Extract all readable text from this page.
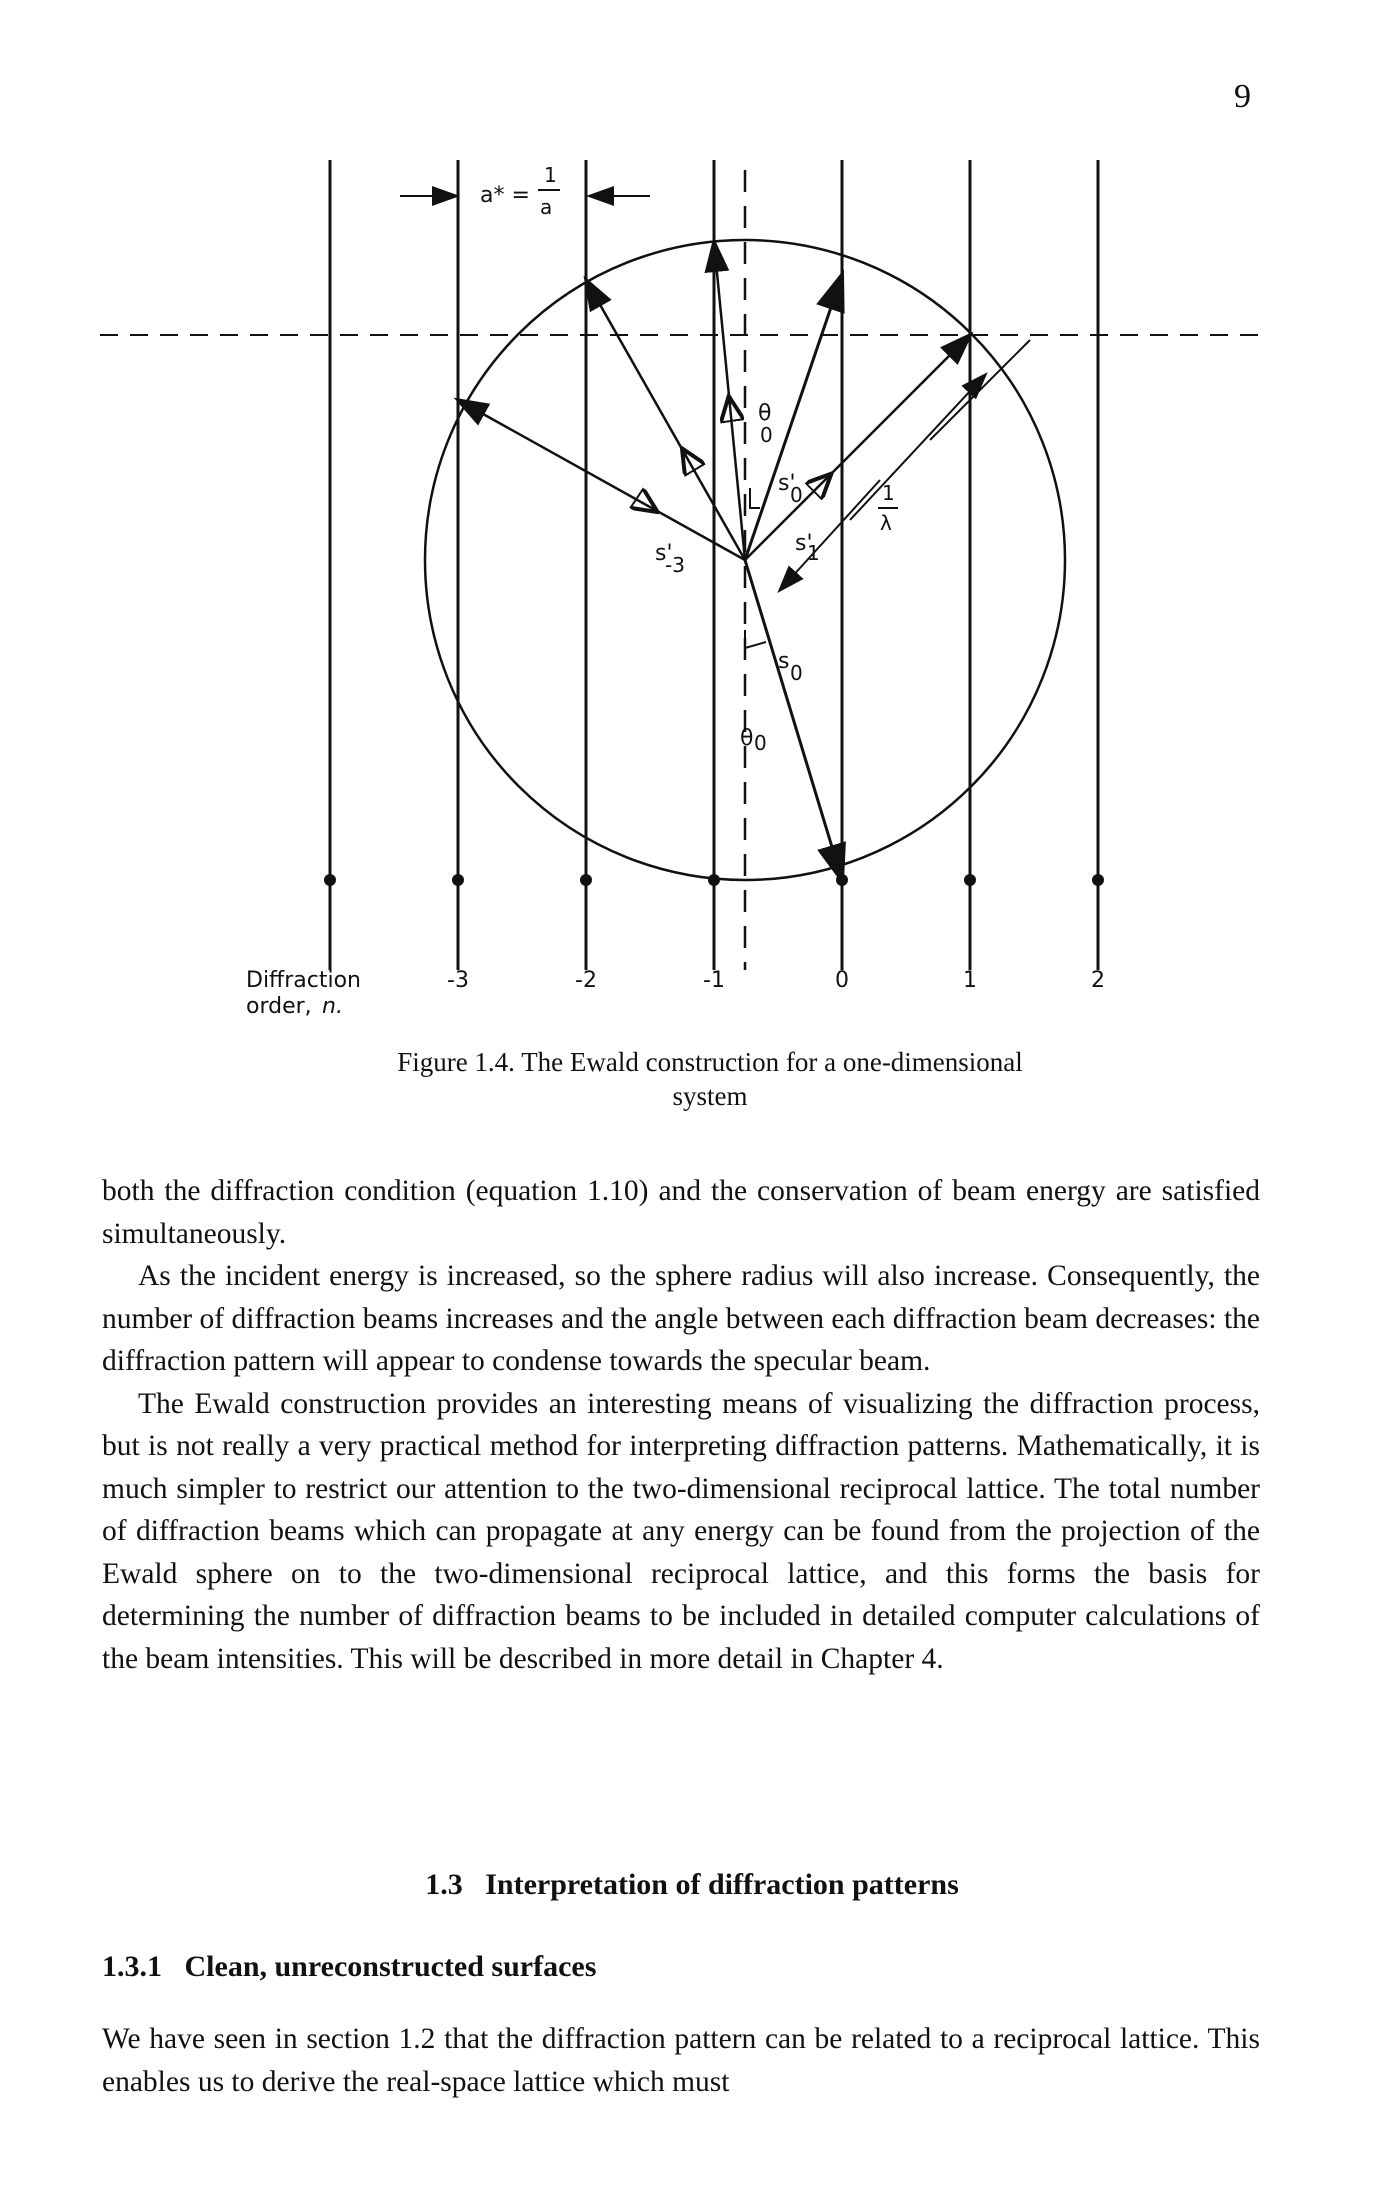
9
a* =
1
a
1
λ
θ
0
s'
0
s'
1
s'
-3
s 0
θ 0
Diffraction
order, n.
-3	-2	-1	0	1	2
Figure 1.4. The Ewald construction for a one-dimensional
system

both the diffraction condition (equation 1.10) and the conservation of beam energy are satisfied simultaneously.

As the incident energy is increased, so the sphere radius will also increase. Consequently, the number of diffraction beams increases and the angle between each diffraction beam decreases: the diffraction pattern will appear to condense towards the specular beam.

The Ewald construction provides an interesting means of visualizing the diffraction process, but is not really a very practical method for interpreting diffraction patterns. Mathematically, it is much simpler to restrict our attention to the two-dimensional reciprocal lattice. The total number of diffraction beams which can propagate at any energy can be found from the projection of the Ewald sphere on to the two-dimensional reciprocal lattice, and this forms the basis for determining the number of diffraction beams to be included in detailed computer calculations of the beam intensities. This will be described in more detail in Chapter 4.

1.3   Interpretation of diffraction patterns
1.3.1   Clean, unreconstructed surfaces

We have seen in section 1.2 that the diffraction pattern can be related to a reciprocal lattice. This enables us to derive the real-space lattice which must
